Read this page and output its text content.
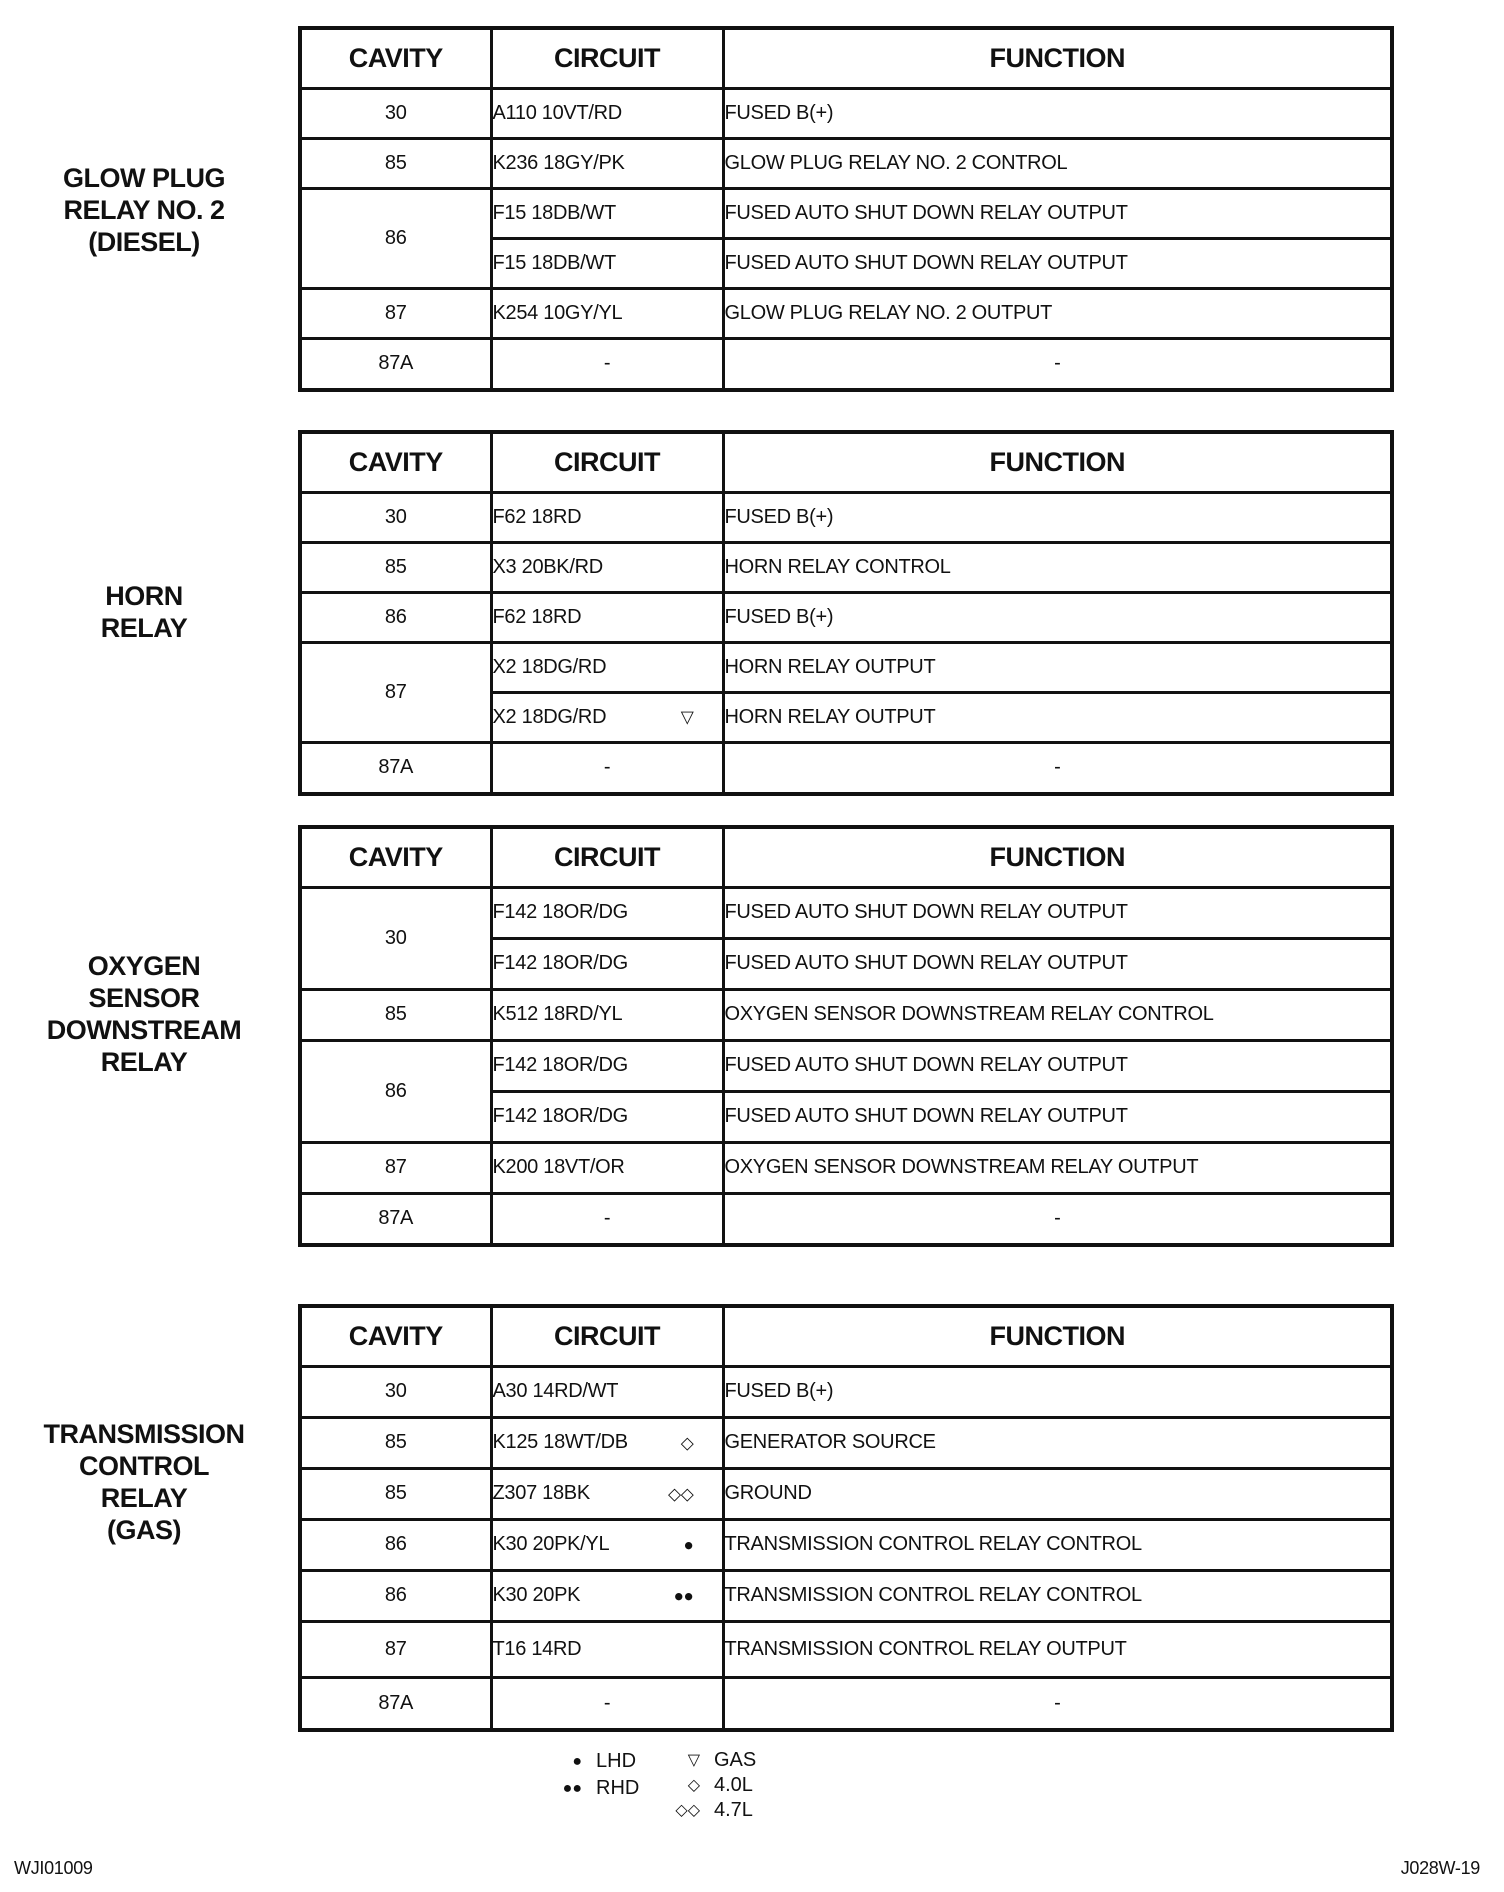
GLOW PLUG
RELAY NO. 2
(DIESEL)
CAVITY	CIRCUIT	FUNCTION
30	A110 10VT/RD	FUSED B(+)
85	K236 18GY/PK	GLOW PLUG RELAY NO. 2 CONTROL
86	F15 18DB/WT	FUSED AUTO SHUT DOWN RELAY OUTPUT
	F15 18DB/WT	FUSED AUTO SHUT DOWN RELAY OUTPUT
87	K254 10GY/YL	GLOW PLUG RELAY NO. 2 OUTPUT
87A	-	-
HORN
RELAY
CAVITY	CIRCUIT	FUNCTION
30	F62 18RD	FUSED B(+)
85	X3 20BK/RD	HORN RELAY CONTROL
86	F62 18RD	FUSED B(+)
87	X2 18DG/RD	HORN RELAY OUTPUT
	X2 18DG/RD ▽	HORN RELAY OUTPUT
87A	-	-
OXYGEN
SENSOR
DOWNSTREAM
RELAY
CAVITY	CIRCUIT	FUNCTION
30	F142 18OR/DG	FUSED AUTO SHUT DOWN RELAY OUTPUT
	F142 18OR/DG	FUSED AUTO SHUT DOWN RELAY OUTPUT
85	K512 18RD/YL	OXYGEN SENSOR DOWNSTREAM RELAY CONTROL
86	F142 18OR/DG	FUSED AUTO SHUT DOWN RELAY OUTPUT
	F142 18OR/DG	FUSED AUTO SHUT DOWN RELAY OUTPUT
87	K200 18VT/OR	OXYGEN SENSOR DOWNSTREAM RELAY OUTPUT
87A	-	-
TRANSMISSION
CONTROL
RELAY
(GAS)
CAVITY	CIRCUIT	FUNCTION
30	A30 14RD/WT	FUSED B(+)
85	K125 18WT/DB ◇	GENERATOR SOURCE
85	Z307 18BK ◇◇	GROUND
86	K30 20PK/YL ●	TRANSMISSION CONTROL RELAY CONTROL
86	K30 20PK ●●	TRANSMISSION CONTROL RELAY CONTROL
87	T16 14RD	TRANSMISSION CONTROL RELAY OUTPUT
87A	-	-
● LHD
●● RHD
▽ GAS
◇ 4.0L
◇◇ 4.7L
WJI01009	J028W-19
